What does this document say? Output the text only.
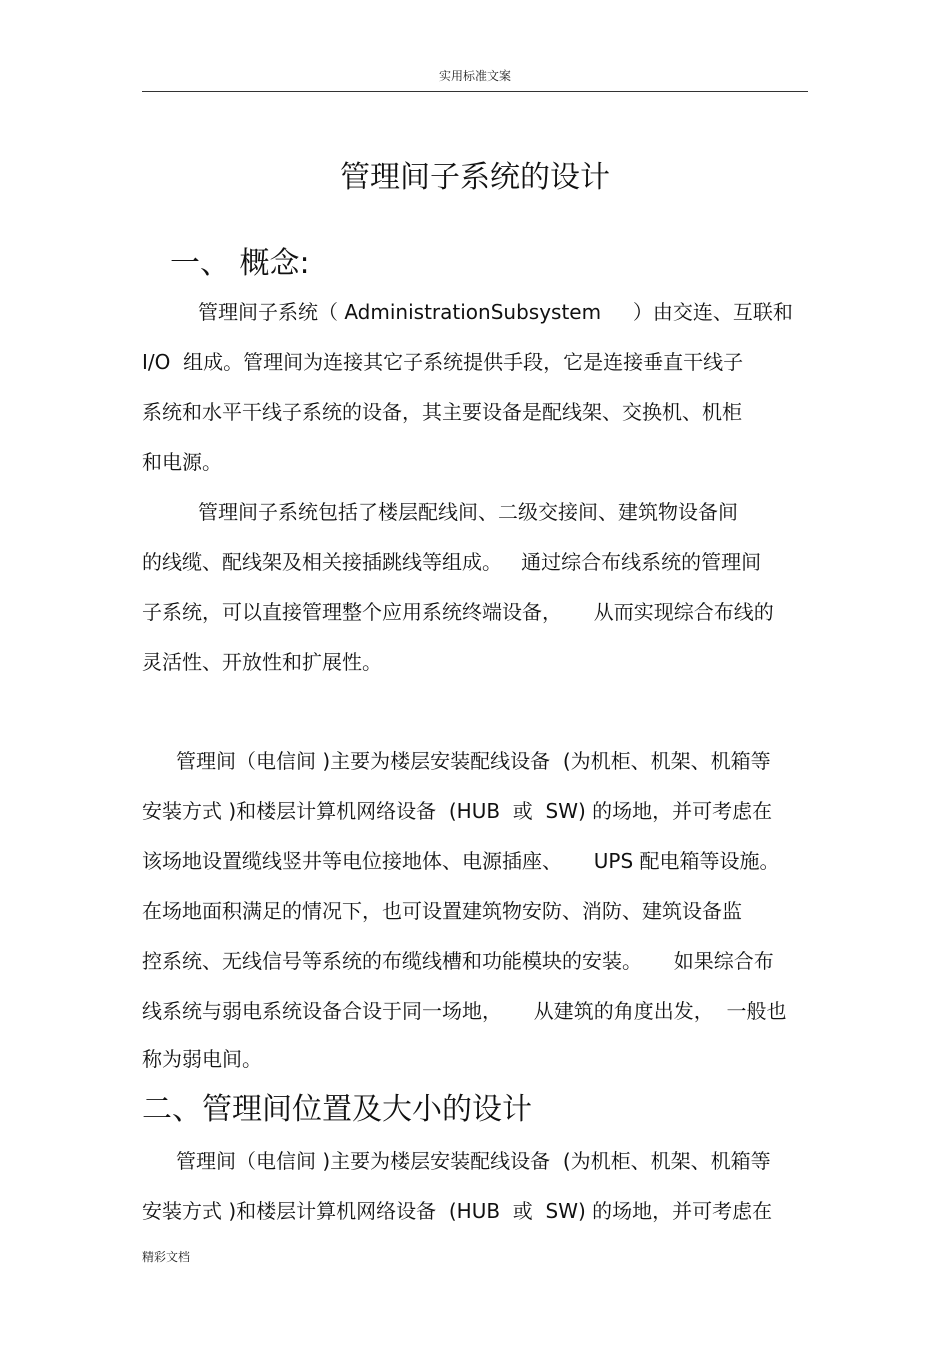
实用标准文案
管理间子系统的设计
一、 概念:
管理间子系统（ AdministrationSubsystem     ）由交连、互联和
I/O  组成。管理间为连接其它子系统提供手段，它是连接垂直干线子
系统和水平干线子系统的设备，其主要设备是配线架、交换机、机柜
和电源。
管理间子系统包括了楼层配线间、二级交接间、建筑物设备间
的线缆、配线架及相关接插跳线等组成。   通过综合布线系统的管理间
子系统，可以直接管理整个应用系统终端设备，     从而实现综合布线的
灵活性、开放性和扩展性。
管理间（电信间 )主要为楼层安装配线设备  (为机柜、机架、机箱等
安装方式 )和楼层计算机网络设备  (HUB  或  SW) 的场地，并可考虑在
该场地设置缆线竖井等电位接地体、电源插座、     UPS 配电箱等设施。
在场地面积满足的情况下，也可设置建筑物安防、消防、建筑设备监
控系统、无线信号等系统的布缆线槽和功能模块的安装。     如果综合布
线系统与弱电系统设备合设于同一场地，     从建筑的角度出发，  一般也
称为弱电间。
二、管理间位置及大小的设计
管理间（电信间 )主要为楼层安装配线设备  (为机柜、机架、机箱等
安装方式 )和楼层计算机网络设备  (HUB  或  SW) 的场地，并可考虑在
精彩文档
